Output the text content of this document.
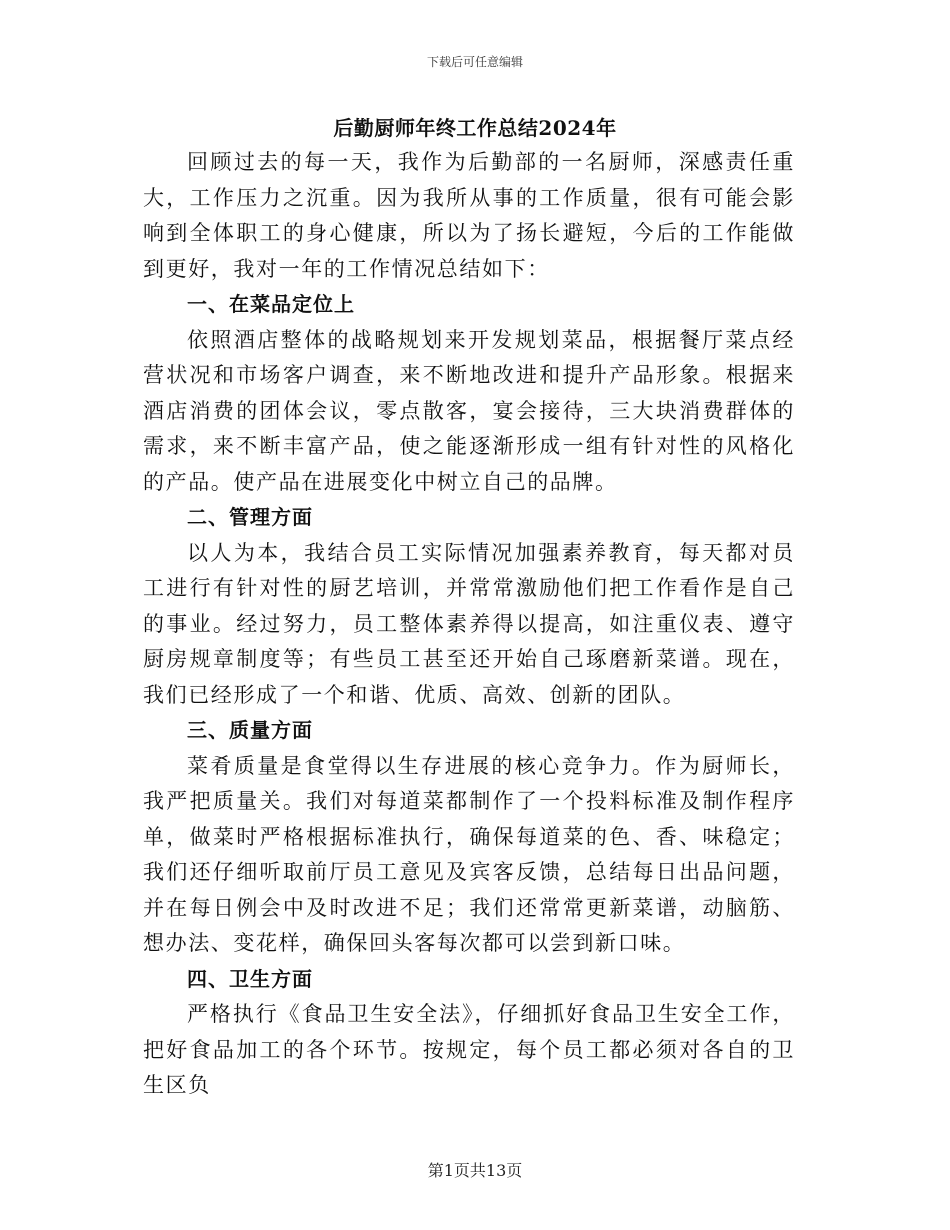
下载后可任意编辑
后勤厨师年终工作总结2024年

回顾过去的每一天，我作为后勤部的一名厨师，深感责任重大，工作压力之沉重。因为我所从事的工作质量，很有可能会影响到全体职工的身心健康，所以为了扬长避短，今后的工作能做到更好，我对一年的工作情况总结如下：

一、在菜品定位上

依照酒店整体的战略规划来开发规划菜品，根据餐厅菜点经营状况和市场客户调查，来不断地改进和提升产品形象。根据来酒店消费的团体会议，零点散客，宴会接待，三大块消费群体的需求，来不断丰富产品，使之能逐渐形成一组有针对性的风格化的产品。使产品在进展变化中树立自己的品牌。

二、管理方面

以人为本，我结合员工实际情况加强素养教育，每天都对员工进行有针对性的厨艺培训，并常常激励他们把工作看作是自己的事业。经过努力，员工整体素养得以提高，如注重仪表、遵守厨房规章制度等；有些员工甚至还开始自己琢磨新菜谱。现在，我们已经形成了一个和谐、优质、高效、创新的团队。

三、质量方面

菜肴质量是食堂得以生存进展的核心竞争力。作为厨师长，我严把质量关。我们对每道菜都制作了一个投料标准及制作程序单，做菜时严格根据标准执行，确保每道菜的色、香、味稳定；我们还仔细听取前厅员工意见及宾客反馈，总结每日出品问题，并在每日例会中及时改进不足；我们还常常更新菜谱，动脑筋、想办法、变花样，确保回头客每次都可以尝到新口味。

四、卫生方面

严格执行《食品卫生安全法》，仔细抓好食品卫生安全工作，把好食品加工的各个环节。按规定，每个员工都必须对各自的卫生区负

第1页共13页
